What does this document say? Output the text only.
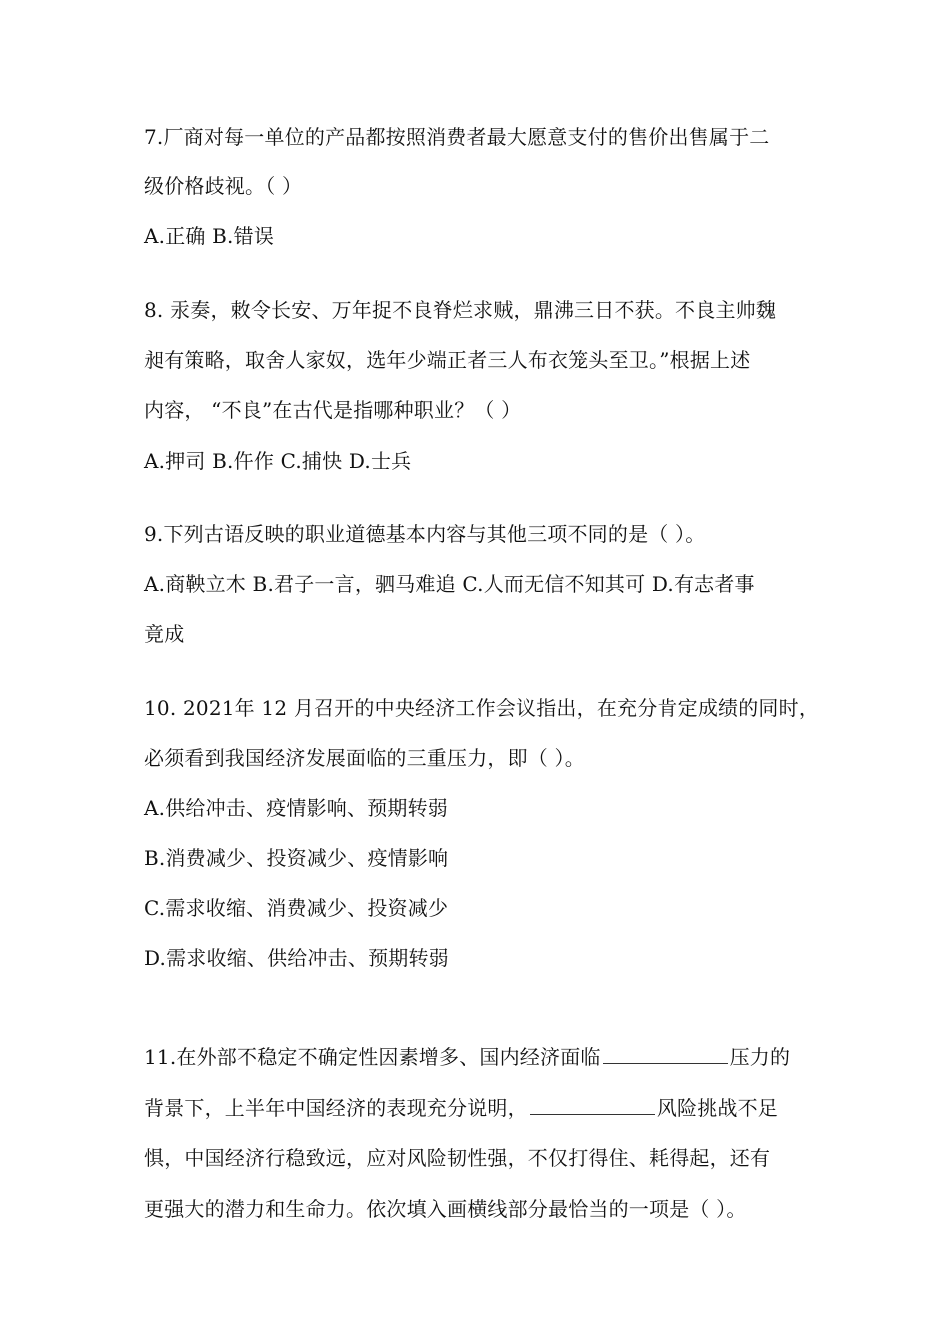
7.厂商对每一单位的产品都按照消费者最大愿意支付的售价出售属于二
级价格歧视。（ ）
A.正确 B.错误
8. 汞奏，敕令长安、万年捉不良脊烂求贼，鼎沸三日不获。不良主帅魏
昶有策略，取舍人家奴，选年少端正者三人布衣笼头至卫。”根据上述
内容， “不良”在古代是指哪种职业？（ ）
A.押司 B.仵作 C.捕快 D.士兵
9.下列古语反映的职业道德基本内容与其他三项不同的是（ ）。
A.商鞅立木 B.君子一言，驷马难追 C.人而无信不知其可 D.有志者事
竟成
10. 2021年 12 月召开的中央经济工作会议指出，在充分肯定成绩的同时，
必须看到我国经济发展面临的三重压力，即（ ）。
A.供给冲击、疫情影响、预期转弱
B.消费减少、投资减少、疫情影响
C.需求收缩、消费减少、投资减少
D.需求收缩、供给冲击、预期转弱
11.在外部不稳定不确定性因素增多、国内经济面临	压力的
背景下，上半年中国经济的表现充分说明，	风险挑战不足
惧，中国经济行稳致远，应对风险韧性强，不仅打得住、耗得起，还有
更强大的潜力和生命力。依次填入画横线部分最恰当的一项是（ ）。
